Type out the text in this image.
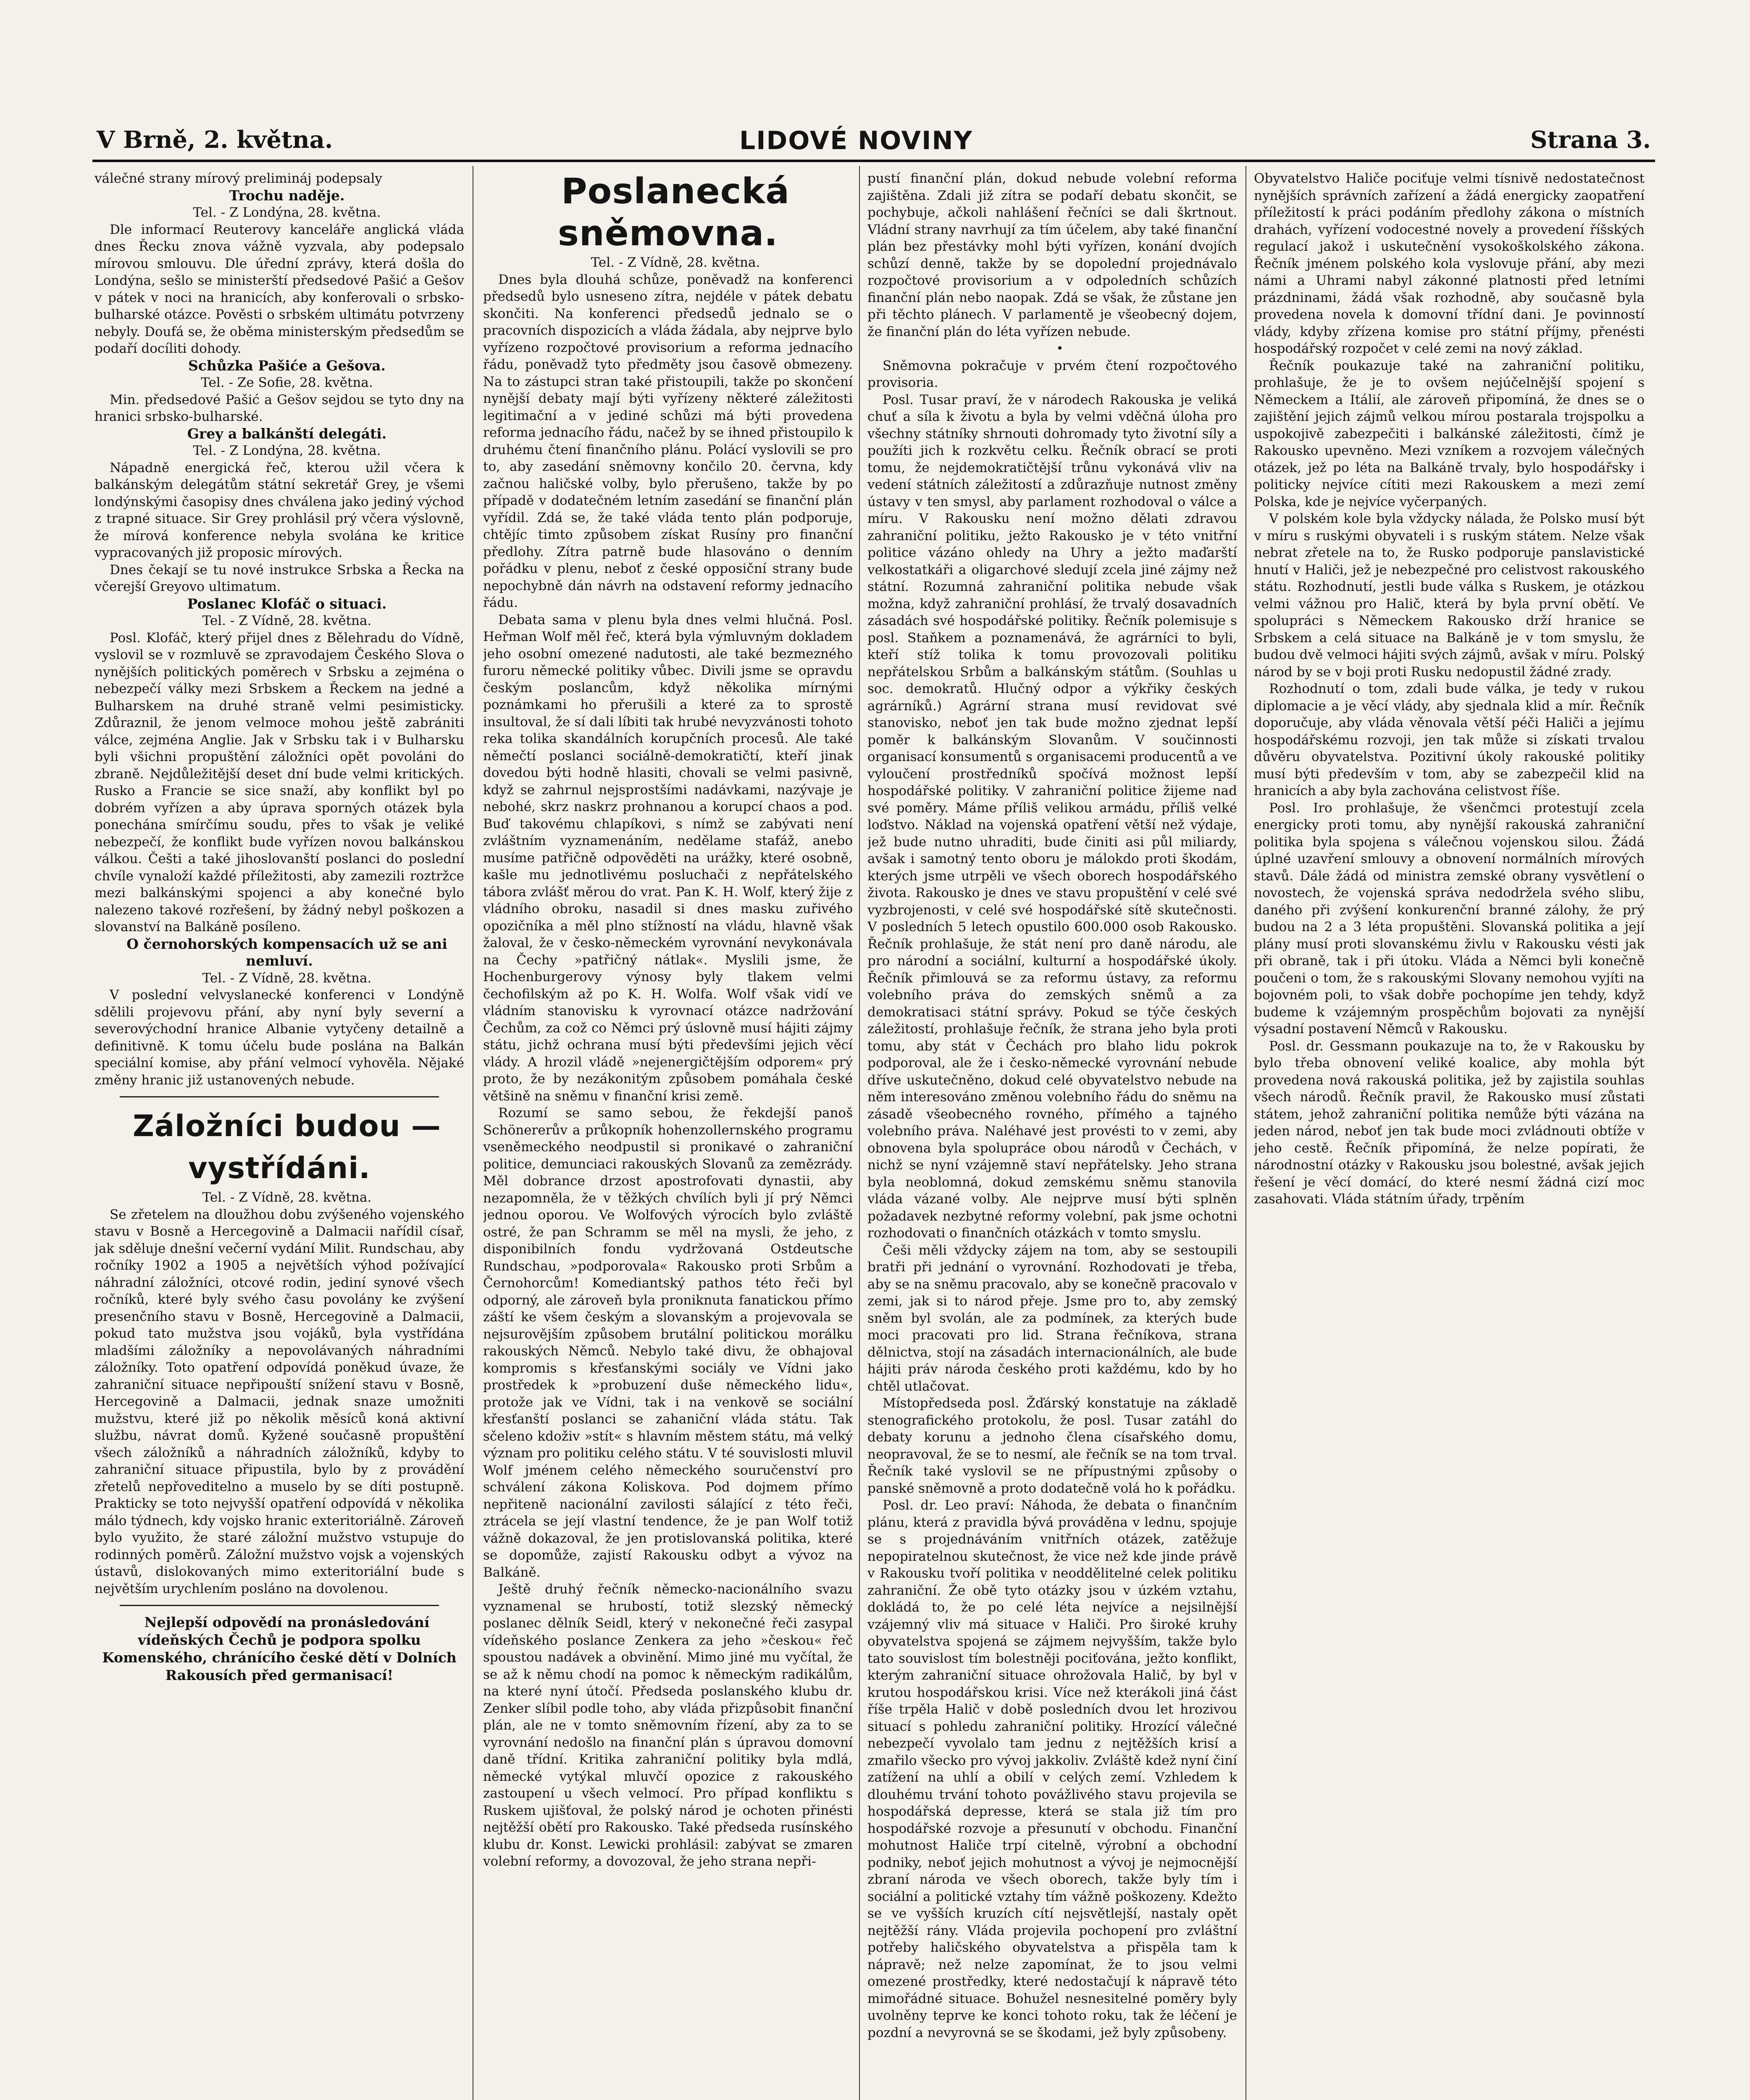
V Brně, 2. května.	LIDOVÉ NOVINY	Strana 3.

válečné strany mírový prelimináj podepsaly

Trochu naděje.

Tel. - Z Londýna, 28. května.

Dle informací Reuterovy kanceláře anglická vláda dnes Řecku znova vážně vyzvala, aby podepsalo mírovou smlouvu. Dle úřední zprávy, která došla do Londýna, sešlo se ministerští předsedové Pašić a Gešov v pátek v noci na hranicích, aby konferovali o srbsko-bulharské otázce. Pověsti o srbském ultimátu potvrzeny nebyly. Doufá se, že oběma ministerským předsedům se podaří docíliti dohody.

Schůzka Pašiće a Gešova.

Tel. - Ze Sofie, 28. května.

Min. předsedové Pašić a Gešov sejdou se tyto dny na hranici srbsko-bulharské.

Grey a balkánští delegáti.

Tel. - Z Londýna, 28. května.

Nápadně energická řeč, kterou užil včera k balkánským delegátům státní sekretář Grey, je všemi londýnskými časopisy dnes chválena jako jediný východ z trapné situace. Sir Grey prohlásil prý včera výslovně, že mírová konference nebyla svolána ke kritice vypracovaných již proposic mírových.

Dnes čekají se tu nové instrukce Srbska a Řecka na včerejší Greyovo ultimatum.

Poslanec Klofáč o situaci.

Tel. - Z Vídně, 28. května.

Posl. Klofáč, který přijel dnes z Bělehradu do Vídně, vyslovil se v rozmluvě se zpravodajem Českého Slova o nynějších politických poměrech v Srbsku a zejména o nebezpečí války mezi Srbskem a Řeckem na jedné a Bulharskem na druhé straně velmi pesimisticky. Zdůraznil, že jenom velmoce mohou ještě zabrániti válce, zejména Anglie. Jak v Srbsku tak i v Bulharsku byli všichni propuštění záložníci opět povoláni do zbraně. Nejdůležitější deset dní bude velmi kritických. Rusko a Francie se sice snaží, aby konflikt byl po dobrém vyřízen a aby úprava sporných otázek byla ponechána smírčímu soudu, přes to však je veliké nebezpečí, že konflikt bude vyřízen novou balkánskou válkou. Češti a také jihoslovanští poslanci do poslední chvíle vynaloží každé příležitosti, aby zamezili roztržce mezi balkánskými spojenci a aby konečné bylo nalezeno takové rozřešení, by žádný nebyl poškozen a slovanství na Balkáně posíleno.

O černohorských kompensacích už se ani nemluví.

Tel. - Z Vídně, 28. května.

V poslední velvyslanecké konferenci v Londýně sdělili projevovu přání, aby nyní byly severní a severovýchodní hranice Albanie vytyčeny detailně a definitivně. K tomu účelu bude poslána na Balkán speciální komise, aby přání velmocí vyhověla. Nějaké změny hranic již ustanovených nebude.

Záložníci budou — vystřídáni.

Tel. - Z Vídně, 28. května.

Se zřetelem na dloužhou dobu zvýšeného vojenského stavu v Bosně a Hercegovině a Dalmacii nařídil císař, jak sděluje dnešní večerní vydání Milit. Rundschau, aby ročníky 1902 a 1905 a největších výhod požívající náhradní záložníci, otcové rodin, jediní synové všech ročníků, které byly svého času povolány ke zvýšení presenčního stavu v Bosně, Hercegovině a Dalmacii, pokud tato mužstva jsou vojáků, byla vystřídána mladšími záložníky a nepovolávaných náhradními záložníky. Toto opatření odpovídá poněkud úvaze, že zahraniční situace nepřipouští snížení stavu v Bosně, Hercegovině a Dalmacii, jednak snaze umožniti mužstvu, které již po několik měsíců koná aktivní službu, návrat domů. Kyžené současně propuštění všech záložníků a náhradních záložníků, kdyby to zahraniční situace připustila, bylo by z provádění zřetelů nepřoveditelno a muselo by se díti postupně. Prakticky se toto nejvyšší opatření odpovídá v několika málo týdnech, kdy vojsko hranic exteritoriálně. Zároveň bylo využito, že staré záložní mužstvo vstupuje do rodinných poměrů. Záložní mužstvo vojsk a vojenských ústavů, dislokovaných mimo exteritoriální bude s největším urychlením posláno na dovolenou.

Nejlepší odpovědí na pronásledování vídeňských Čechů je podpora spolku Komenského, chránícího české dětí v Dolních Rakousích před germanisací!

Poslanecká sněmovna.

Tel. - Z Vídně, 28. května.

Dnes byla dlouhá schůze, poněvadž na konferenci předsedů bylo usneseno zítra, nejdéle v pátek debatu skončiti. Na konferenci předsedů jednalo se o pracovních dispozicích a vláda žádala, aby nejprve bylo vyřízeno rozpočtové provisorium a reforma jednacího řádu, poněvadž tyto předměty jsou časově obmezeny. Na to zástupci stran také přistoupili, takže po skončení nynější debaty mají býti vyřízeny některé záležitosti legitimační a v jediné schůzi má býti provedena reforma jednacího řádu, načež by se ihned přistoupilo k druhému čtení finančního plánu. Polácí vyslovili se pro to, aby zasedání sněmovny končilo 20. června, kdy začnou haličské volby, bylo přerušeno, takže by po případě v dodatečném letním zasedání se finanční plán vyřídil. Zdá se, že také vláda tento plán podporuje, chtějíc timto způsobem získat Rusíny pro finanční předlohy. Zítra patrně bude hlasováno o denním pořádku v plenu, neboť z české opposiční strany bude nepochybně dán návrh na odstavení reformy jednacího řádu.

Debata sama v plenu byla dnes velmi hlučná. Posl. Heřman Wolf měl řeč, která byla výmluvným dokladem jeho osobní omezené nadutosti, ale také bezmezného furoru německé politiky vůbec. Divili jsme se opravdu českým poslancům, když několika mírnými poznámkami ho přerušili a které za to sprostě insultoval, že sí dali líbiti tak hrubé nevyzvánosti tohoto reka tolika skandálních korupčních procesů. Ale také němečtí poslanci sociálně-demokratičtí, kteří jinak dovedou býti hodně hlasiti, chovali se velmi pasivně, když se zahrnul nejsprostšími nadávkami, nazývaje je nebohé, skrz naskrz prohnanou a korupcí chaos a pod. Buď takovému chlapíkovi, s nímž se zabývati není zvláštním vyznamenáním, nedělame stafáž, anebo musíme patřičně odpověděti na urážky, které osobně, kašle mu jednotlivému posluchači z nepřátelského tábora zvlášť měrou do vrat. Pan K. H. Wolf, který žije z vládního obroku, nasadil si dnes masku zuřivého opozičníka a měl plno stížností na vládu, hlavně však žaloval, že v česko-německém vyrovnání nevykonávala na Čechy »patřičný nátlak«. Myslili jsme, že Hochenburgerovy výnosy byly tlakem velmi čechofilským až po K. H. Wolfa. Wolf však vidí ve vládním stanovisku k vyrovnací otázce nadržování Čechům, za což co Němci prý úslovně musí hájiti zájmy státu, jichž ochrana musí býti předevšími jejich věcí vlády. A hrozil vládě »nejenergičtějším odporem« prý proto, že by nezákonitým způsobem pomáhala české většině na sněmu v finanční krisi země.

Rozumí se samo sebou, že řekdejší panoš Schönererův a průkopník hohenzollernského programu vseněmeckého neodpustil si pronikavé o zahraniční politice, demunciaci rakouských Slovanů za zemězrády. Měl dobrance drzost apostrofovati dynastii, aby nezapomněla, že v těžkých chvílích byli jí prý Němci jednou oporou. Ve Wolfových výrocích bylo zvláště ostré, že pan Schramm se měl na mysli, že jeho, z disponibilních fondu vydržovaná Ostdeutsche Rundschau, »podporovala« Rakousko proti Srbům a Černohorcům! Komediantský pathos této řeči byl odporný, ale zároveň byla proniknuta fanatickou přímo záští ke všem českým a slovanským a projevovala se nejsurovějším způsobem brutální politickou morálku rakouských Němců. Nebylo také divu, že obhajoval kompromis s křesťanskými sociály ve Vídni jako prostředek k »probuzení duše německého lidu«, protože jak ve Vídni, tak i na venkově se sociální křesťanští poslanci se zahaniční vláda státu. Tak sčeleno kdoživ »stít« s hlavním městem státu, má velký význam pro politiku celého státu. V té souvislosti mluvil Wolf jménem celého německého souručenství pro schválení zákona Koliskova. Pod dojmem přímo nepřiteně nacionální zavilosti sálající z této řeči, ztrácela se její vlastní tendence, že je pan Wolf totiž vážně dokazoval, že jen protislovanská politika, které se dopomůže, zajistí Rakousku odbyt a vývoz na Balkáně.

Ještě druhý řečník německo-nacionálního svazu vyznamenal se hrubostí, totiž slezský německý poslanec dělník Seidl, který v nekonečné řeči zasypal vídeňského poslance Zenkera za jeho »českou« řeč spoustou nadávek a obvinění. Mimo jiné mu vyčítal, že se až k němu chodí na pomoc k německým radikálům, na které nyní útočí. Předseda poslanského klubu dr. Zenker slíbil podle toho, aby vláda přizpůsobit finanční plán, ale ne v tomto sněmovním řízení, aby za to se vyrovnání nedošlo na finanční plán s úpravou domovní daně třídní. Kritika zahraniční politiky byla mdlá, německé vytýkal mluvčí opozice z rakouského zastoupení u všech velmocí. Pro případ konfliktu s Ruskem ujišťoval, že polský národ je ochoten přinésti nejtěžší obětí pro Rakousko. Také předseda rusínského klubu dr. Konst. Lewicki prohlásil: zabývat se zmaren volební reformy, a dovozoval, že jeho strana nepři-

pustí finanční plán, dokud nebude volební reforma zajištěna. Zdali již zítra se podaří debatu skončit, se pochybuje, ačkoli nahlášení řečníci se dali škrtnout. Vládní strany navrhují za tím účelem, aby také finanční plán bez přestávky mohl býti vyřízen, konání dvojích schůzí denně, takže by se dopolední projednávalo rozpočtové provisorium a v odpoledních schůzích finanční plán nebo naopak. Zdá se však, že zůstane jen při těchto plánech. V parlamentě je všeobecný dojem, že finanční plán do léta vyřízen nebude.

•

Sněmovna pokračuje v prvém čtení rozpočtového provisoria.

Posl. Tusar praví, že v národech Rakouska je veliká chuť a síla k životu a byla by velmi vděčná úloha pro všechny státníky shrnouti dohromady tyto životní síly a použíti jich k rozkvětu celku. Řečník obrací se proti tomu, že nejdemokratičtější trůnu vykonává vliv na vedení státních záležitostí a zdůrazňuje nutnost změny ústavy v ten smysl, aby parlament rozhodoval o válce a míru. V Rakousku není možno dělati zdravou zahraniční politiku, ježto Rakousko je v této vnitřní politice vázáno ohledy na Uhry a ježto maďarští velkostatkáři a oligarchové sledují zcela jiné zájmy než státní. Rozumná zahraniční politika nebude však možna, když zahraniční prohlásí, že trvalý dosavadních zásadách své hospodářské politiky. Řečník polemisuje s posl. Staňkem a poznamenává, že agrárníci to byli, kteří stíž tolika k tomu provozovali politiku nepřátelskou Srbům a balkánským státům. (Souhlas u soc. demokratů. Hlučný odpor a výkřiky českých agrárníků.) Agrární strana musí revidovat své stanovisko, neboť jen tak bude možno zjednat lepší poměr k balkánským Slovanům. V součinnosti organisací konsumentů s organisacemi producentů a ve vyloučení prostředníků spočívá možnost lepší hospodářské politiky. V zahraniční politice žijeme nad své poměry. Máme příliš velikou armádu, příliš velké loďstvo. Náklad na vojenská opatření větší než výdaje, jež bude nutno uhraditi, bude činiti asi půl miliardy, avšak i samotný tento oboru je málokdo proti škodám, kterých jsme utrpěli ve všech oborech hospodářského života. Rakousko je dnes ve stavu propuštění v celé své vyzbrojenosti, v celé své hospodářské sítě skutečnosti. V posledních 5 letech opustilo 600.000 osob Rakousko. Řečník prohlašuje, že stát není pro daně národu, ale pro národní a sociální, kulturní a hospodářské úkoly. Řečník přimlouvá se za reformu ústavy, za reformu volebního práva do zemských sněmů a za demokratisaci státní správy. Pokud se týče českých záležitostí, prohlašuje řečník, že strana jeho byla proti tomu, aby stát v Čechách pro blaho lidu pokrok podporoval, ale že i česko-německé vyrovnání nebude dříve uskutečněno, dokud celé obyvatelstvo nebude na něm interesováno změnou volebního řádu do sněmu na zásadě všeobecného rovného, přímého a tajného volebního práva. Naléhavé jest provésti to v zemi, aby obnovena byla spolupráce obou národů v Čechách, v nichž se nyní vzájemně staví nepřátelsky. Jeho strana byla neoblomná, dokud zemskému sněmu stanovila vláda vázané volby. Ale nejprve musí býti splněn požadavek nezbytné reformy volební, pak jsme ochotni rozhodovati o finančních otázkách v tomto smyslu.

Češi měli vždycky zájem na tom, aby se sestoupili bratři při jednání o vyrovnání. Rozhodovati je třeba, aby se na sněmu pracovalo, aby se konečně pracovalo v zemi, jak si to národ přeje. Jsme pro to, aby zemský sněm byl svolán, ale za podmínek, za kterých bude moci pracovati pro lid. Strana řečníkova, strana dělnictva, stojí na zásadách internacionálních, ale bude hájiti práv národa českého proti každému, kdo by ho chtěl utlačovat.

Místopředseda posl. Žďárský konstatuje na základě stenografického protokolu, že posl. Tusar zatáhl do debaty korunu a jednoho člena císařského domu, neopravoval, že se to nesmí, ale řečník se na tom trval. Řečník také vyslovil se ne přípustnými způsoby o panské sněmovně a proto dodatečně volá ho k pořádku.

Posl. dr. Leo praví: Náhoda, že debata o finančním plánu, která z pravidla bývá prováděna v lednu, spojuje se s projednáváním vnitřních otázek, zatěžuje nepopiratelnou skutečnost, že vice než kde jinde právě v Rakousku tvoří politika v neoddělitelné celek politiku zahraniční. Že obě tyto otázky jsou v úzkém vztahu, dokládá to, že po celé léta nejvíce a nejsilnější vzájemný vliv má situace v Haliči. Pro široké kruhy obyvatelstva spojená se zájmem nejvyšším, takže bylo tato souvislost tím bolestněji pociťována, ježto konflikt, kterým zahraniční situace ohrožovala Halič, by byl v krutou hospodářskou krisi. Více než kterákoli jiná část říše trpěla Halič v době posledních dvou let hrozivou situací s pohledu zahraniční politiky. Hrozící válečné nebezpečí vyvolalo tam jednu z nejtěžších krisí a zmařilo všecko pro vývoj jakkoliv. Zvláště kdež nyní činí zatížení na uhlí a obilí v celých zemí. Vzhledem k dlouhému trvání tohoto povážlivého stavu projevila se hospodářská depresse, která se stala již tím pro hospodářské rozvoje a přesunutí v obchodu. Finanční mohutnost Haliče trpí citelně, výrobní a obchodní podniky, neboť jejich mohutnost a vývoj je nejmocnější zbraní národa ve všech oborech, takže byly tím i sociální a politické vztahy tím vážně poškozeny. Kdežto se ve vyšších kruzích cítí nejsvětlejší, nastaly opět nejtěžší rány. Vláda projevila pochopení pro zvláštní potřeby haličského obyvatelstva a přispěla tam k nápravě; než nelze zapomínat, že to jsou velmi omezené prostředky, které nedostačují k nápravě této mimořádné situace. Bohužel nesnesitelné poměry byly uvolněny teprve ke konci tohoto roku, tak že léčení je pozdní a nevyrovná se se škodami, jež byly způsobeny.

Obyvatelstvo Haliče pociťuje velmi tísnivě nedostatečnost nynějších správních zařízení a žádá energicky zaopatření příležitostí k práci podáním předlohy zákona o místních drahách, vyřízení vodocestné novely a provedení říšských regulací jakož i uskutečnění vysokoškolského zákona. Řečník jménem polského kola vyslovuje přání, aby mezi námi a Uhrami nabyl zákonné platnosti před letními prázdninami, žádá však rozhodně, aby současně byla provedena novela k domovní třídní dani. Je povinností vlády, kdyby zřízena komise pro státní příjmy, přenésti hospodářský rozpočet v celé zemi na nový základ.

Řečník poukazuje také na zahraniční politiku, prohlašuje, že je to ovšem nejúčelnější spojení s Německem a Itálií, ale zároveň připomíná, že dnes se o zajištění jejich zájmů velkou mírou postarala trojspolku a uspokojivě zabezpečiti i balkánské záležitosti, čímž je Rakousko upevněno. Mezi vzníkem a rozvojem válečných otázek, jež po léta na Balkáně trvaly, bylo hospodářsky i politicky nejvíce cítiti mezi Rakouskem a mezi zemí Polska, kde je nejvíce vyčerpaných.

V polském kole byla vždycky nálada, že Polsko musí být v míru s ruskými obyvateli i s ruským státem. Nelze však nebrat zřetele na to, že Rusko podporuje panslavistické hnutí v Haliči, jež je nebezpečné pro celistvost rakouského státu. Rozhodnutí, jestli bude válka s Ruskem, je otázkou velmi vážnou pro Halič, která by byla první obětí. Ve spolupráci s Německem Rakousko drží hranice se Srbskem a celá situace na Balkáně je v tom smyslu, že budou dvě velmoci hájiti svých zájmů, avšak v míru. Polský národ by se v boji proti Rusku nedopustil žádné zrady.

Rozhodnutí o tom, zdali bude válka, je tedy v rukou diplomacie a je věcí vlády, aby sjednala klid a mír. Řečník doporučuje, aby vláda věnovala větší péči Haliči a jejímu hospodářskému rozvoji, jen tak může si získati trvalou důvěru obyvatelstva. Pozitivní úkoly rakouské politiky musí býti především v tom, aby se zabezpečil klid na hranicích a aby byla zachována celistvost říše.

Posl. Iro prohlašuje, že všenčmci protestují zcela energicky proti tomu, aby nynější rakouská zahraniční politika byla spojena s válečnou vojenskou silou. Žádá úplné uzavření smlouvy a obnovení normálních mírových stavů. Dále žádá od ministra zemské obrany vysvětlení o novostech, že vojenská správa nedodržela svého slibu, daného při zvýšení konkurenční branné zálohy, že prý budou na 2 a 3 léta propuštěni. Slovanská politika a její plány musí proti slovanskému živlu v Rakousku vésti jak při obraně, tak i při útoku. Vláda a Němci byli konečně poučeni o tom, že s rakouskými Slovany nemohou vyjíti na bojovném poli, to však dobře pochopíme jen tehdy, když budeme k vzájemným prospěchům bojovati za nynější výsadní postavení Němců v Rakousku.

Posl. dr. Gessmann poukazuje na to, že v Rakousku by bylo třeba obnovení veliké koalice, aby mohla být provedena nová rakouská politika, jež by zajistila souhlas všech národů. Řečník pravil, že Rakousko musí zůstati státem, jehož zahraniční politika nemůže býti vázána na jeden národ, neboť jen tak bude moci zvládnouti obtíže v jeho cestě. Řečník připomíná, že nelze popírati, že národnostní otázky v Rakousku jsou bolestné, avšak jejich řešení je věcí domácí, do které nesmí žádná cizí moc zasahovati. Vláda státním úřady, trpěním
